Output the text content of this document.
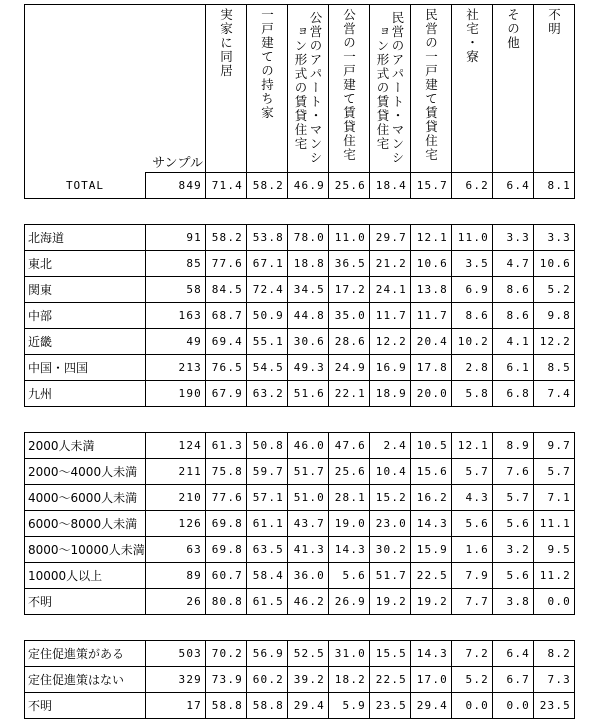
サンプル		実家に同居	一戸建ての持ち家	公営のアパート・マンション形式の賃貸住宅	公営の一戸建て賃貸住宅	民営のアパート・マンション形式の賃貸住宅	民営の一戸建て賃貸住宅	社宅・寮	その他	不明

TOTAL	849	71.4	58.2	46.9	25.6	18.4	15.7	6.2	6.4	8.1
北海道	91	58.2	53.8	78.0	11.0	29.7	12.1	11.0	3.3	3.3
東北	85	77.6	67.1	18.8	36.5	21.2	10.6	3.5	4.7	10.6
関東	58	84.5	72.4	34.5	17.2	24.1	13.8	6.9	8.6	5.2
中部	163	68.7	50.9	44.8	35.0	11.7	11.7	8.6	8.6	9.8
近畿	49	69.4	55.1	30.6	28.6	12.2	20.4	10.2	4.1	12.2
中国・四国	213	76.5	54.5	49.3	24.9	16.9	17.8	2.8	6.1	8.5
九州	190	67.9	63.2	51.6	22.1	18.9	20.0	5.8	6.8	7.4
2000人未満	124	61.3	50.8	46.0	47.6	2.4	10.5	12.1	8.9	9.7
2000～4000人未満	211	75.8	59.7	51.7	25.6	10.4	15.6	5.7	7.6	5.7
4000～6000人未満	210	77.6	57.1	51.0	28.1	15.2	16.2	4.3	5.7	7.1
6000～8000人未満	126	69.8	61.1	43.7	19.0	23.0	14.3	5.6	5.6	11.1
8000～10000人未満	63	69.8	63.5	41.3	14.3	30.2	15.9	1.6	3.2	9.5
10000人以上	89	60.7	58.4	36.0	5.6	51.7	22.5	7.9	5.6	11.2
不明	26	80.8	61.5	46.2	26.9	19.2	19.2	7.7	3.8	0.0
定住促進策がある	503	70.2	56.9	52.5	31.0	15.5	14.3	7.2	6.4	8.2
定住促進策はない	329	73.9	60.2	39.2	18.2	22.5	17.0	5.2	6.7	7.3
不明	17	58.8	58.8	29.4	5.9	23.5	29.4	0.0	0.0	23.5
